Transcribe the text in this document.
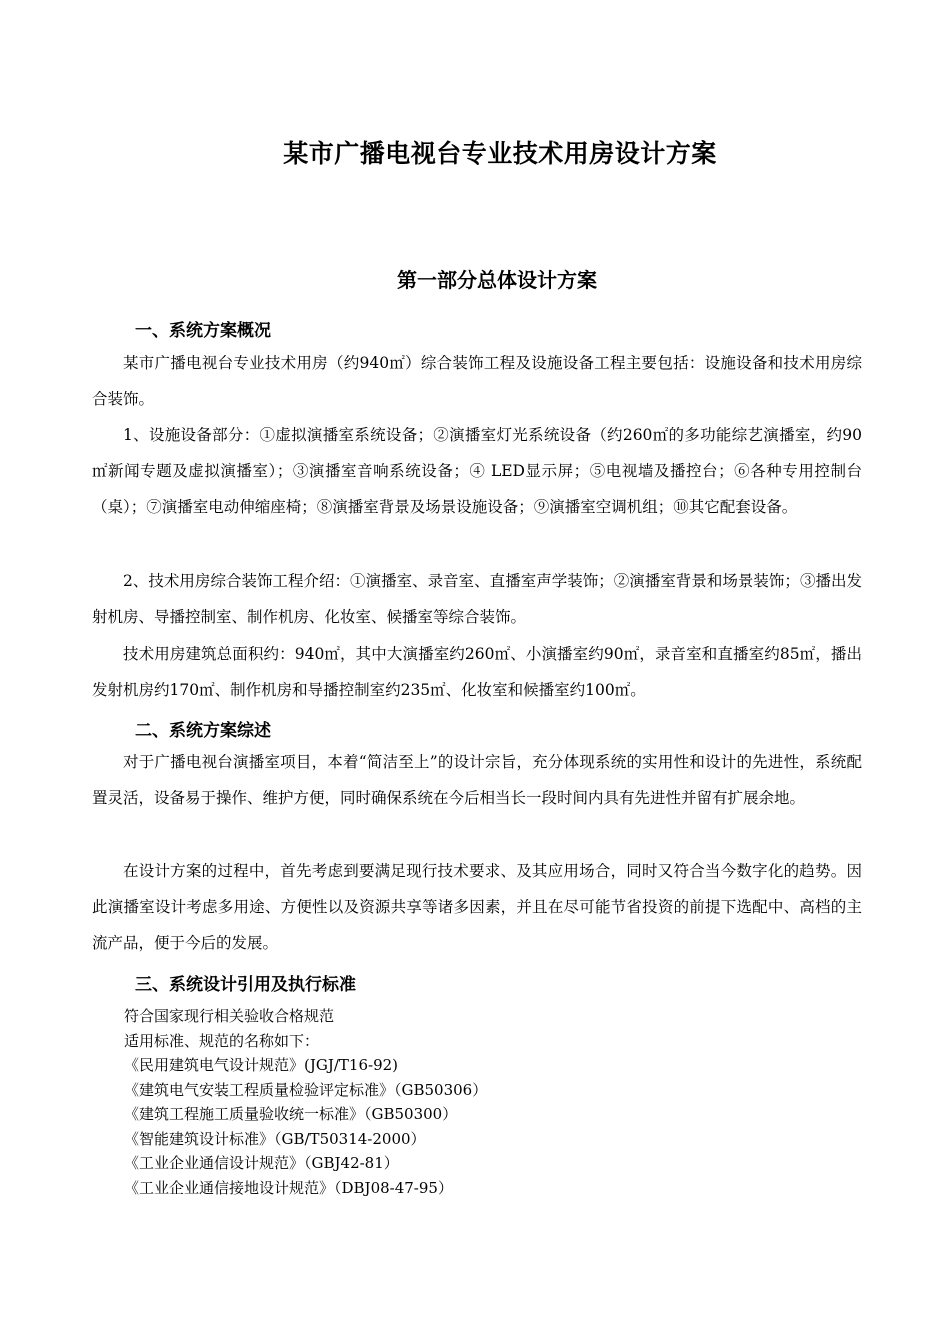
某市广播电视台专业技术用房设计方案
第一部分总体设计方案
一、系统方案概况

某市广播电视台专业技术用房（约940㎡）综合装饰工程及设施设备工程主要包括：设施设备和技术用房综合装饰。

1、设施设备部分：①虚拟演播室系统设备；②演播室灯光系统设备（约260㎡的多功能综艺演播室，约90㎡新闻专题及虚拟演播室）；③演播室音响系统设备；④ LED显示屏；⑤电视墙及播控台；⑥各种专用控制台（桌）；⑦演播室电动伸缩座椅；⑧演播室背景及场景设施设备；⑨演播室空调机组；⑩其它配套设备。

2、技术用房综合装饰工程介绍：①演播室、录音室、直播室声学装饰；②演播室背景和场景装饰；③播出发射机房、导播控制室、制作机房、化妆室、候播室等综合装饰。

技术用房建筑总面积约：940㎡，其中大演播室约260㎡、小演播室约90㎡，录音室和直播室约85㎡，播出发射机房约170㎡、制作机房和导播控制室约235㎡、化妆室和候播室约100㎡。

二、系统方案综述

对于广播电视台演播室项目，本着“简洁至上”的设计宗旨，充分体现系统的实用性和设计的先进性，系统配置灵活，设备易于操作、维护方便，同时确保系统在今后相当长一段时间内具有先进性并留有扩展余地。

在设计方案的过程中，首先考虑到要满足现行技术要求、及其应用场合，同时又符合当今数字化的趋势。因此演播室设计考虑多用途、方便性以及资源共享等诸多因素，并且在尽可能节省投资的前提下选配中、高档的主流产品，便于今后的发展。

三、系统设计引用及执行标准
符合国家现行相关验收合格规范
适用标准、规范的名称如下：
《民用建筑电气设计规范》(JGJ/T16-92)
《建筑电气安装工程质量检验评定标准》（GB50306）
《建筑工程施工质量验收统一标准》（GB50300）
《智能建筑设计标准》（GB/T50314-2000）
《工业企业通信设计规范》（GBJ42-81）
《工业企业通信接地设计规范》（DBJ08-47-95）
